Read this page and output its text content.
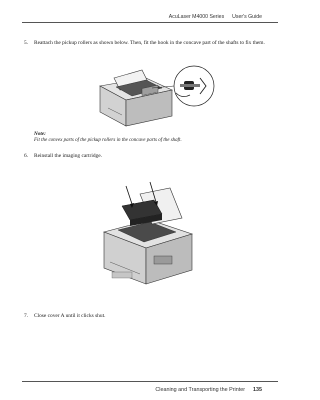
AcuLaser M4000 Series User's Guide
5. Reattach the pickup rollers as shown below. Then, fit the hook in the concave part of the shafts to fix them.
Note:
Fit the convex parts of the pickup rollers in the concave parts of the shaft.
6. Reinstall the imaging cartridge.
7. Close cover A until it clicks shut.
Cleaning and Transporting the Printer 135
